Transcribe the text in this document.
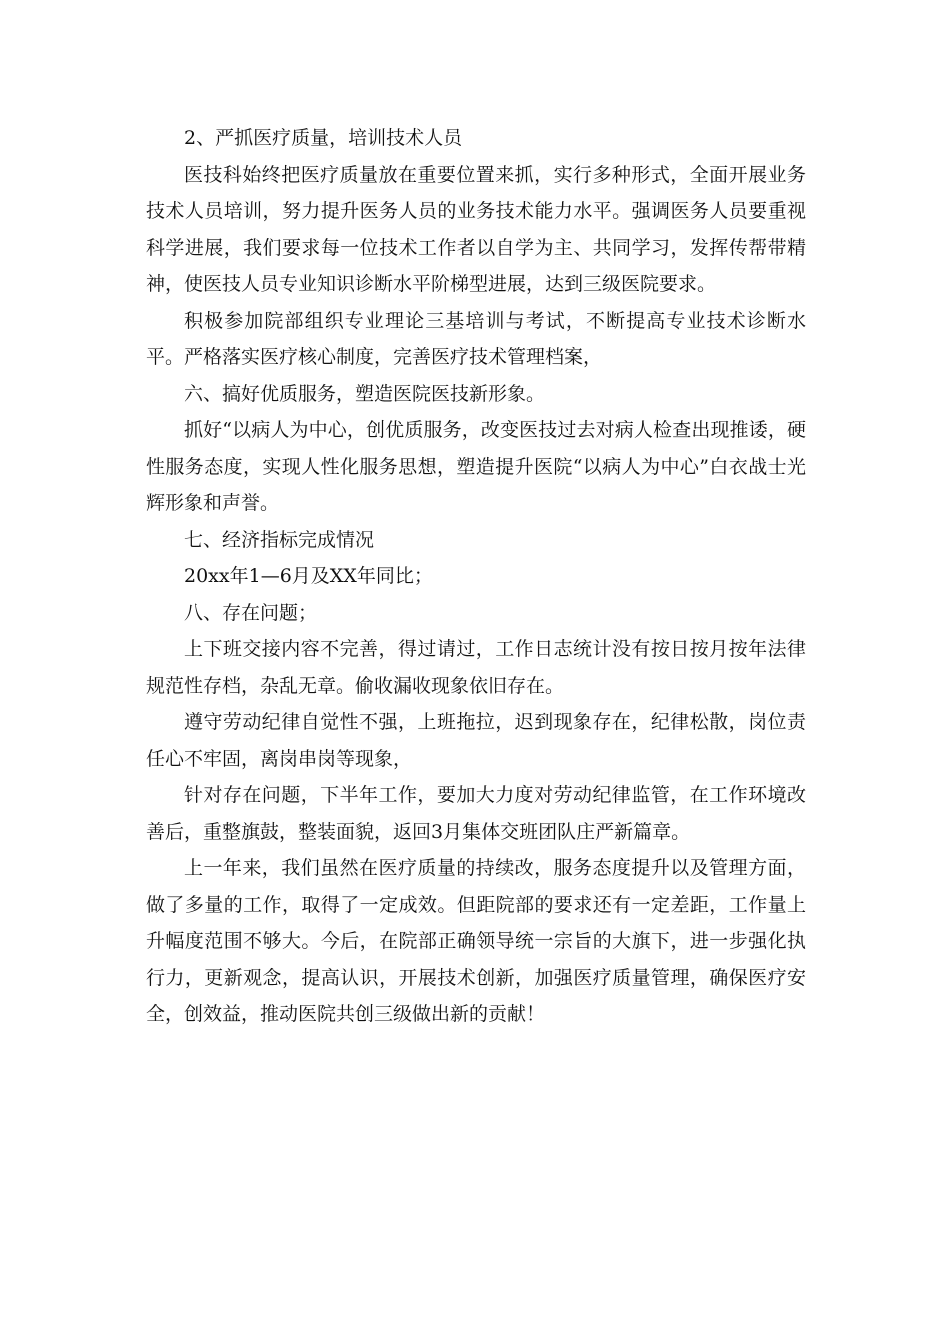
2、严抓医疗质量，培训技术人员

医技科始终把医疗质量放在重要位置来抓，实行多种形式，全面开展业务技术人员培训，努力提升医务人员的业务技术能力水平。强调医务人员要重视科学进展，我们要求每一位技术工作者以自学为主、共同学习，发挥传帮带精神，使医技人员专业知识诊断水平阶梯型进展，达到三级医院要求。

积极参加院部组织专业理论三基培训与考试，不断提高专业技术诊断水平。严格落实医疗核心制度，完善医疗技术管理档案，

六、搞好优质服务，塑造医院医技新形象。

抓好“以病人为中心，创优质服务，改变医技过去对病人检查出现推诿，硬性服务态度，实现人性化服务思想，塑造提升医院“以病人为中心”白衣战士光辉形象和声誉。

七、经济指标完成情况

20xx年1—6月及XX年同比；

八、存在问题；

上下班交接内容不完善，得过请过，工作日志统计没有按日按月按年法律规范性存档，杂乱无章。偷收漏收现象依旧存在。

遵守劳动纪律自觉性不强，上班拖拉，迟到现象存在，纪律松散，岗位责任心不牢固，离岗串岗等现象，

针对存在问题，下半年工作，要加大力度对劳动纪律监管，在工作环境改善后，重整旗鼓，整装面貌，返回3月集体交班团队庄严新篇章。

上一年来，我们虽然在医疗质量的持续改，服务态度提升以及管理方面，做了多量的工作，取得了一定成效。但距院部的要求还有一定差距，工作量上升幅度范围不够大。今后，在院部正确领导统一宗旨的大旗下，进一步强化执行力，更新观念，提高认识，开展技术创新，加强医疗质量管理，确保医疗安全，创效益，推动医院共创三级做出新的贡献！
